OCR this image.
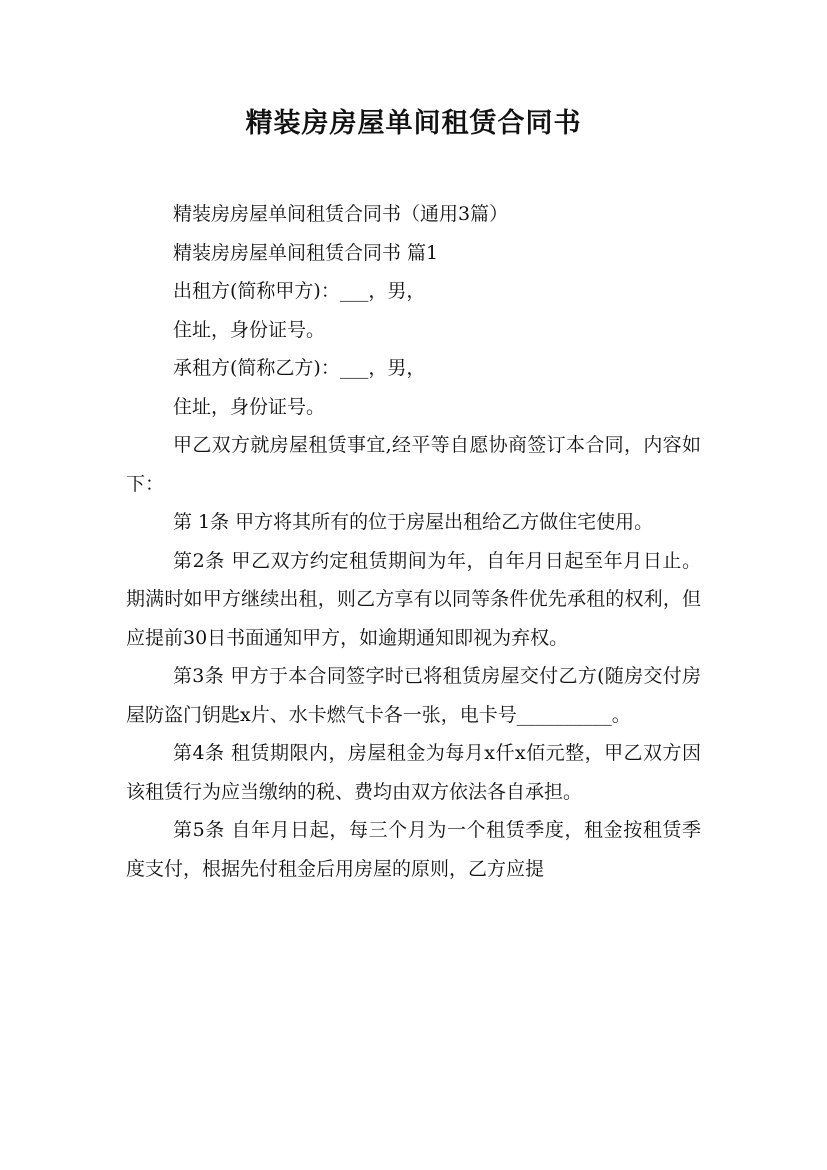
精装房房屋单间租赁合同书

精装房房屋单间租赁合同书（通用3篇）

精装房房屋单间租赁合同书 篇1

出租方(简称甲方)：___，男，

住址，身份证号。

承租方(简称乙方)：___，男，

住址，身份证号。

甲乙双方就房屋租赁事宜,经平等自愿协商签订本合同，内容如下：

第 1条 甲方将其所有的位于房屋出租给乙方做住宅使用。

第2条 甲乙双方约定租赁期间为年，自年月日起至年月日止。期满时如甲方继续出租，则乙方享有以同等条件优先承租的权利，但应提前30日书面通知甲方，如逾期通知即视为弃权。

第3条 甲方于本合同签字时已将租赁房屋交付乙方(随房交付房屋防盗门钥匙x片、水卡燃气卡各一张，电卡号__________。

第4条 租赁期限内，房屋租金为每月x仟x佰元整，甲乙双方因该租赁行为应当缴纳的税、费均由双方依法各自承担。

第5条 自年月日起，每三个月为一个租赁季度，租金按租赁季度支付，根据先付租金后用房屋的原则，乙方应提
